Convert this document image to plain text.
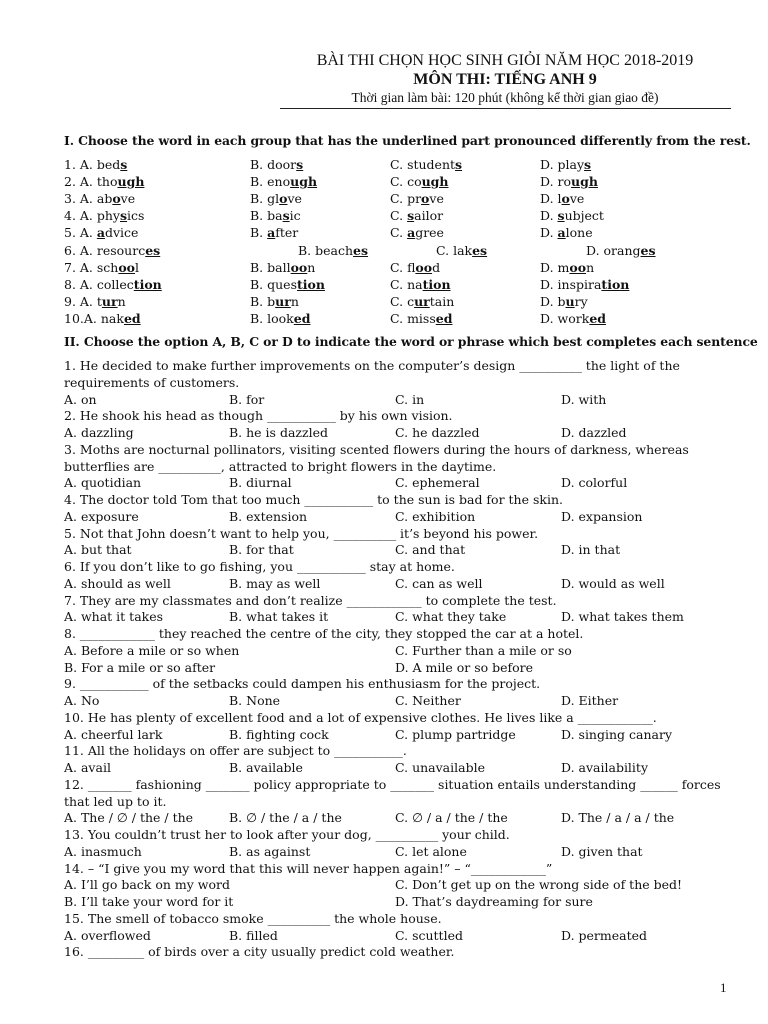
BÀI THI CHỌN HỌC SINH GIỎI NĂM HỌC 2018-2019
MÔN THI: TIẾNG ANH 9
Thời gian làm bài: 120 phút (không kể thời gian giao đề)
I. Choose the word in each group that has the underlined part pronounced differently from the rest.
1. A. beds	B. doors	C. students	D. plays
2. A. though	B. enough	C. cough	D. rough
3. A. above	B. glove	C. prove	D. love
4. A. physics	B. basic	C. sailor	D. subject
5. A. advice	B. after	C. agree	D. alone
6. A. resources	B. beaches	C. lakes	D. oranges
7. A. school	B. balloon	C. flood	D. moon
8. A. collection	B. question	C. nation	D. inspiration
9. A. turn	B. burn	C. curtain	D. bury
10.A. naked	B. looked	C. missed	D. worked
II. Choose the option A, B, C or D to indicate the word or phrase which best completes each sentence
1. He decided to make further improvements on the computer’s design __________ the light of the
requirements of customers.
A. on	B. for	C. in	D. with
2. He shook his head as though ___________ by his own vision.
A. dazzling	B. he is dazzled	C. he dazzled	D. dazzled
3. Moths are nocturnal pollinators, visiting scented flowers during the hours of darkness, whereas
butterflies are __________, attracted to bright flowers in the daytime.
A. quotidian	B. diurnal	C. ephemeral	D. colorful
4. The doctor told Tom that too much ___________ to the sun is bad for the skin.
A. exposure	B. extension	C. exhibition	D. expansion
5. Not that John doesn’t want to help you, __________ it’s beyond his power.
A. but that	B. for that	C. and that	D. in that
6. If you don’t like to go fishing, you ___________ stay at home.
A. should as well	B. may as well	C. can as well	D. would as well
7. They are my classmates and don’t realize ____________ to complete the test.
A. what it takes	B. what takes it	C. what they take	D. what takes them
8. ____________ they reached the centre of the city, they stopped the car at a hotel.
A. Before a mile or so when	C. Further than a mile or so
B. For a mile or so after	D. A mile or so before
9. ___________ of the setbacks could dampen his enthusiasm for the project.
A. No	B. None	C. Neither	D. Either
10. He has plenty of excellent food and a lot of expensive clothes. He lives like a ____________.
A. cheerful lark	B. fighting cock	C. plump partridge	D. singing canary
11. All the holidays on offer are subject to ___________.
A. avail	B. available	C. unavailable	D. availability
12. _______ fashioning _______ policy appropriate to _______ situation entails understanding ______ forces
that led up to it.
A. The / ∅ / the / the	B. ∅ / the / a / the	C. ∅ / a / the / the	D. The / a / a / the
13. You couldn’t trust her to look after your dog, __________ your child.
A. inasmuch	B. as against	C. let alone	D. given that
14. – “I give you my word that this will never happen again!” – “____________”
A. I’ll go back on my word	C. Don’t get up on the wrong side of the bed!
B. I’ll take your word for it	D. That’s daydreaming for sure
15. The smell of tobacco smoke __________ the whole house.
A. overflowed	B. filled	C. scuttled	D. permeated
16. _________ of birds over a city usually predict cold weather.
1
